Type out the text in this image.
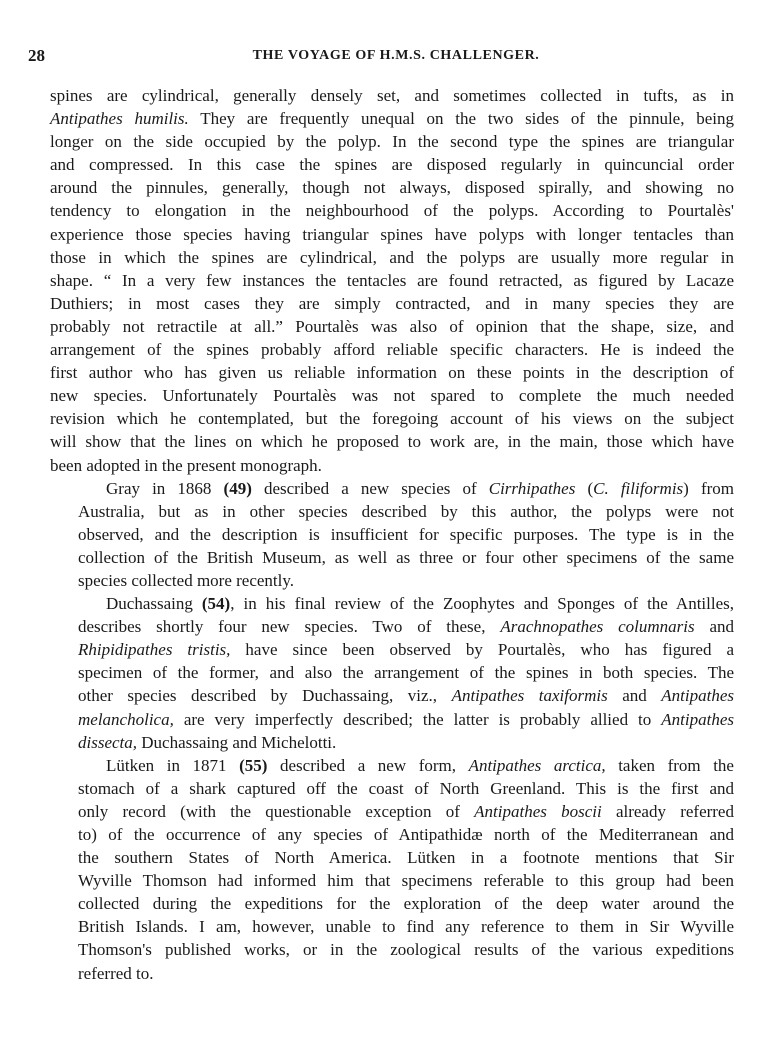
28	THE VOYAGE OF H.M.S. CHALLENGER.

spines are cylindrical, generally densely set, and sometimes collected in tufts, as in
Antipathes humilis. They are frequently unequal on the two sides of the pinnule, being
longer on the side occupied by the polyp. In the second type the spines are triangular
and compressed. In this case the spines are disposed regularly in quincuncial order
around the pinnules, generally, though not always, disposed spirally, and showing no
tendency to elongation in the neighbourhood of the polyps. According to Pourtalès'
experience those species having triangular spines have polyps with longer tentacles than
those in which the spines are cylindrical, and the polyps are usually more regular in
shape. “ In a very few instances the tentacles are found retracted, as figured by Lacaze
Duthiers; in most cases they are simply contracted, and in many species they are
probably not retractile at all.” Pourtalès was also of opinion that the shape, size, and
arrangement of the spines probably afford reliable specific characters. He is indeed the
first author who has given us reliable information on these points in the description of
new species. Unfortunately Pourtalès was not spared to complete the much needed
revision which he contemplated, but the foregoing account of his views on the subject
will show that the lines on which he proposed to work are, in the main, those which have
been adopted in the present monograph.

Gray in 1868 (49) described a new species of Cirrhipathes (C. filiformis) from
Australia, but as in other species described by this author, the polyps were not
observed, and the description is insufficient for specific purposes. The type is in the
collection of the British Museum, as well as three or four other specimens of the same
species collected more recently.

Duchassaing (54), in his final review of the Zoophytes and Sponges of the Antilles,
describes shortly four new species. Two of these, Arachnopathes columnaris and
Rhipidipathes tristis, have since been observed by Pourtalès, who has figured a
specimen of the former, and also the arrangement of the spines in both species. The
other species described by Duchassaing, viz., Antipathes taxiformis and Antipathes
melancholica, are very imperfectly described; the latter is probably allied to Antipathes
dissecta, Duchassaing and Michelotti.

Lütken in 1871 (55) described a new form, Antipathes arctica, taken from the
stomach of a shark captured off the coast of North Greenland. This is the first and
only record (with the questionable exception of Antipathes boscii already referred
to) of the occurrence of any species of Antipathidæ north of the Mediterranean and
the southern States of North America. Lütken in a footnote mentions that Sir
Wyville Thomson had informed him that specimens referable to this group had been
collected during the expeditions for the exploration of the deep water around the
British Islands. I am, however, unable to find any reference to them in Sir Wyville
Thomson's published works, or in the zoological results of the various expeditions
referred to.
